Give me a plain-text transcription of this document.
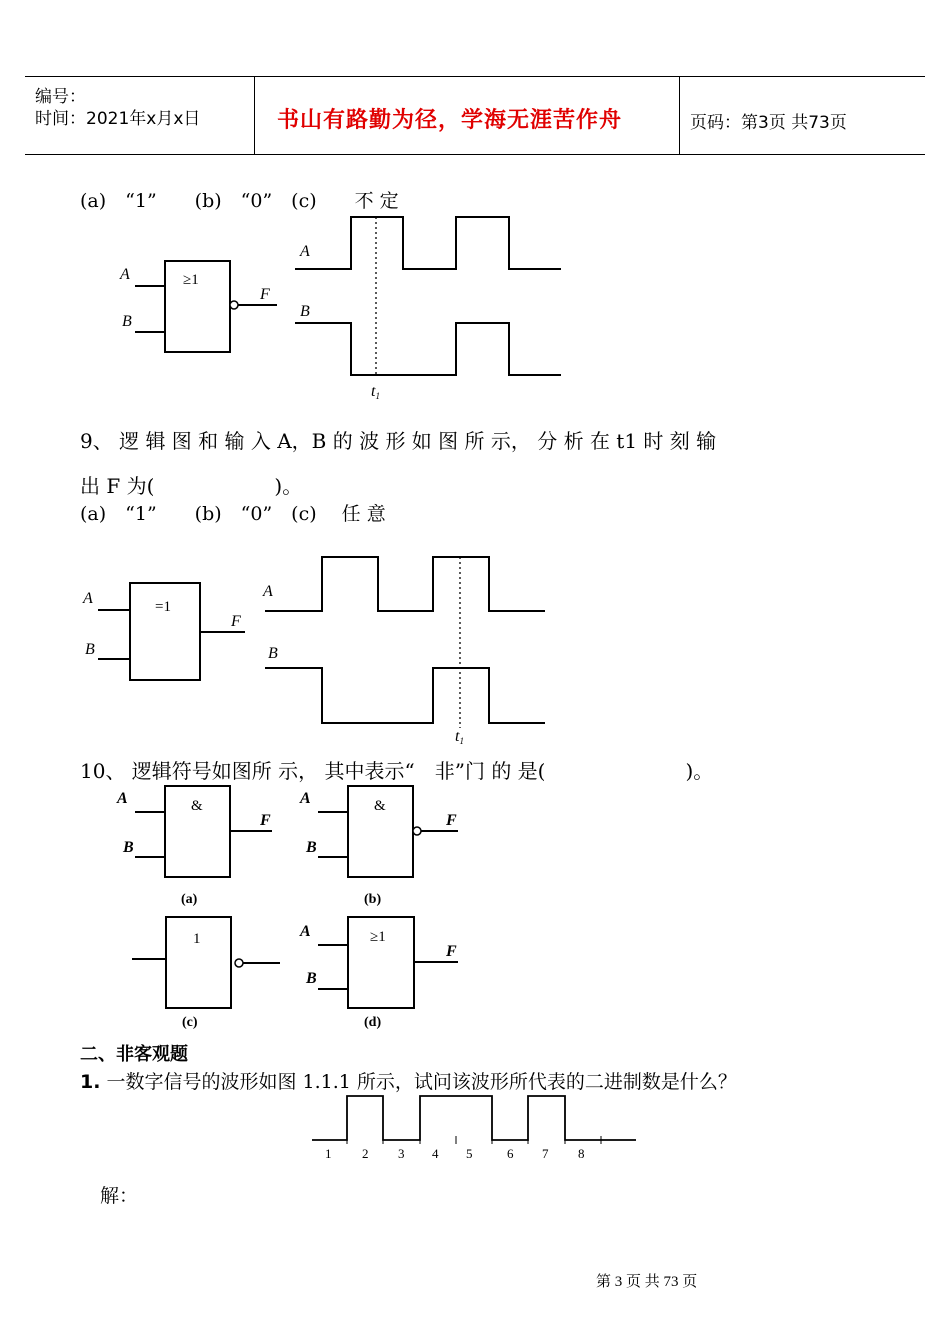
编号：
时间：2021年x月x日	书山有路勤为径，学海无涯苦作舟	页码：第3页 共73页
(a)　“1”　　(b)　“0”　(c)　　不 定
A
B
≥1
F
A
B
t1
9、 逻 辑 图 和 输 入 A，B 的 波 形 如 图 所 示， 分 析 在 t1 时 刻 输
出 F 为(　　　　　　)。
(a)　“1”　　(b)　“0”　(c)　 任 意
A
B
=1
F
A
B
t1
10、 逻辑符号如图所 示， 其中表示“　非”门 的 是(　　　　　　　)。
A
B
&
F
(a)
A
B
&
F
(b)
1
(c)
A
B
≥1
F
(d)
二、非客观题
1. 一数字信号的波形如图 1.1.1 所示，试问该波形所代表的二进制数是什么？
1 2 3 4 5	6 7 8
解：
第 3 页 共 73 页
